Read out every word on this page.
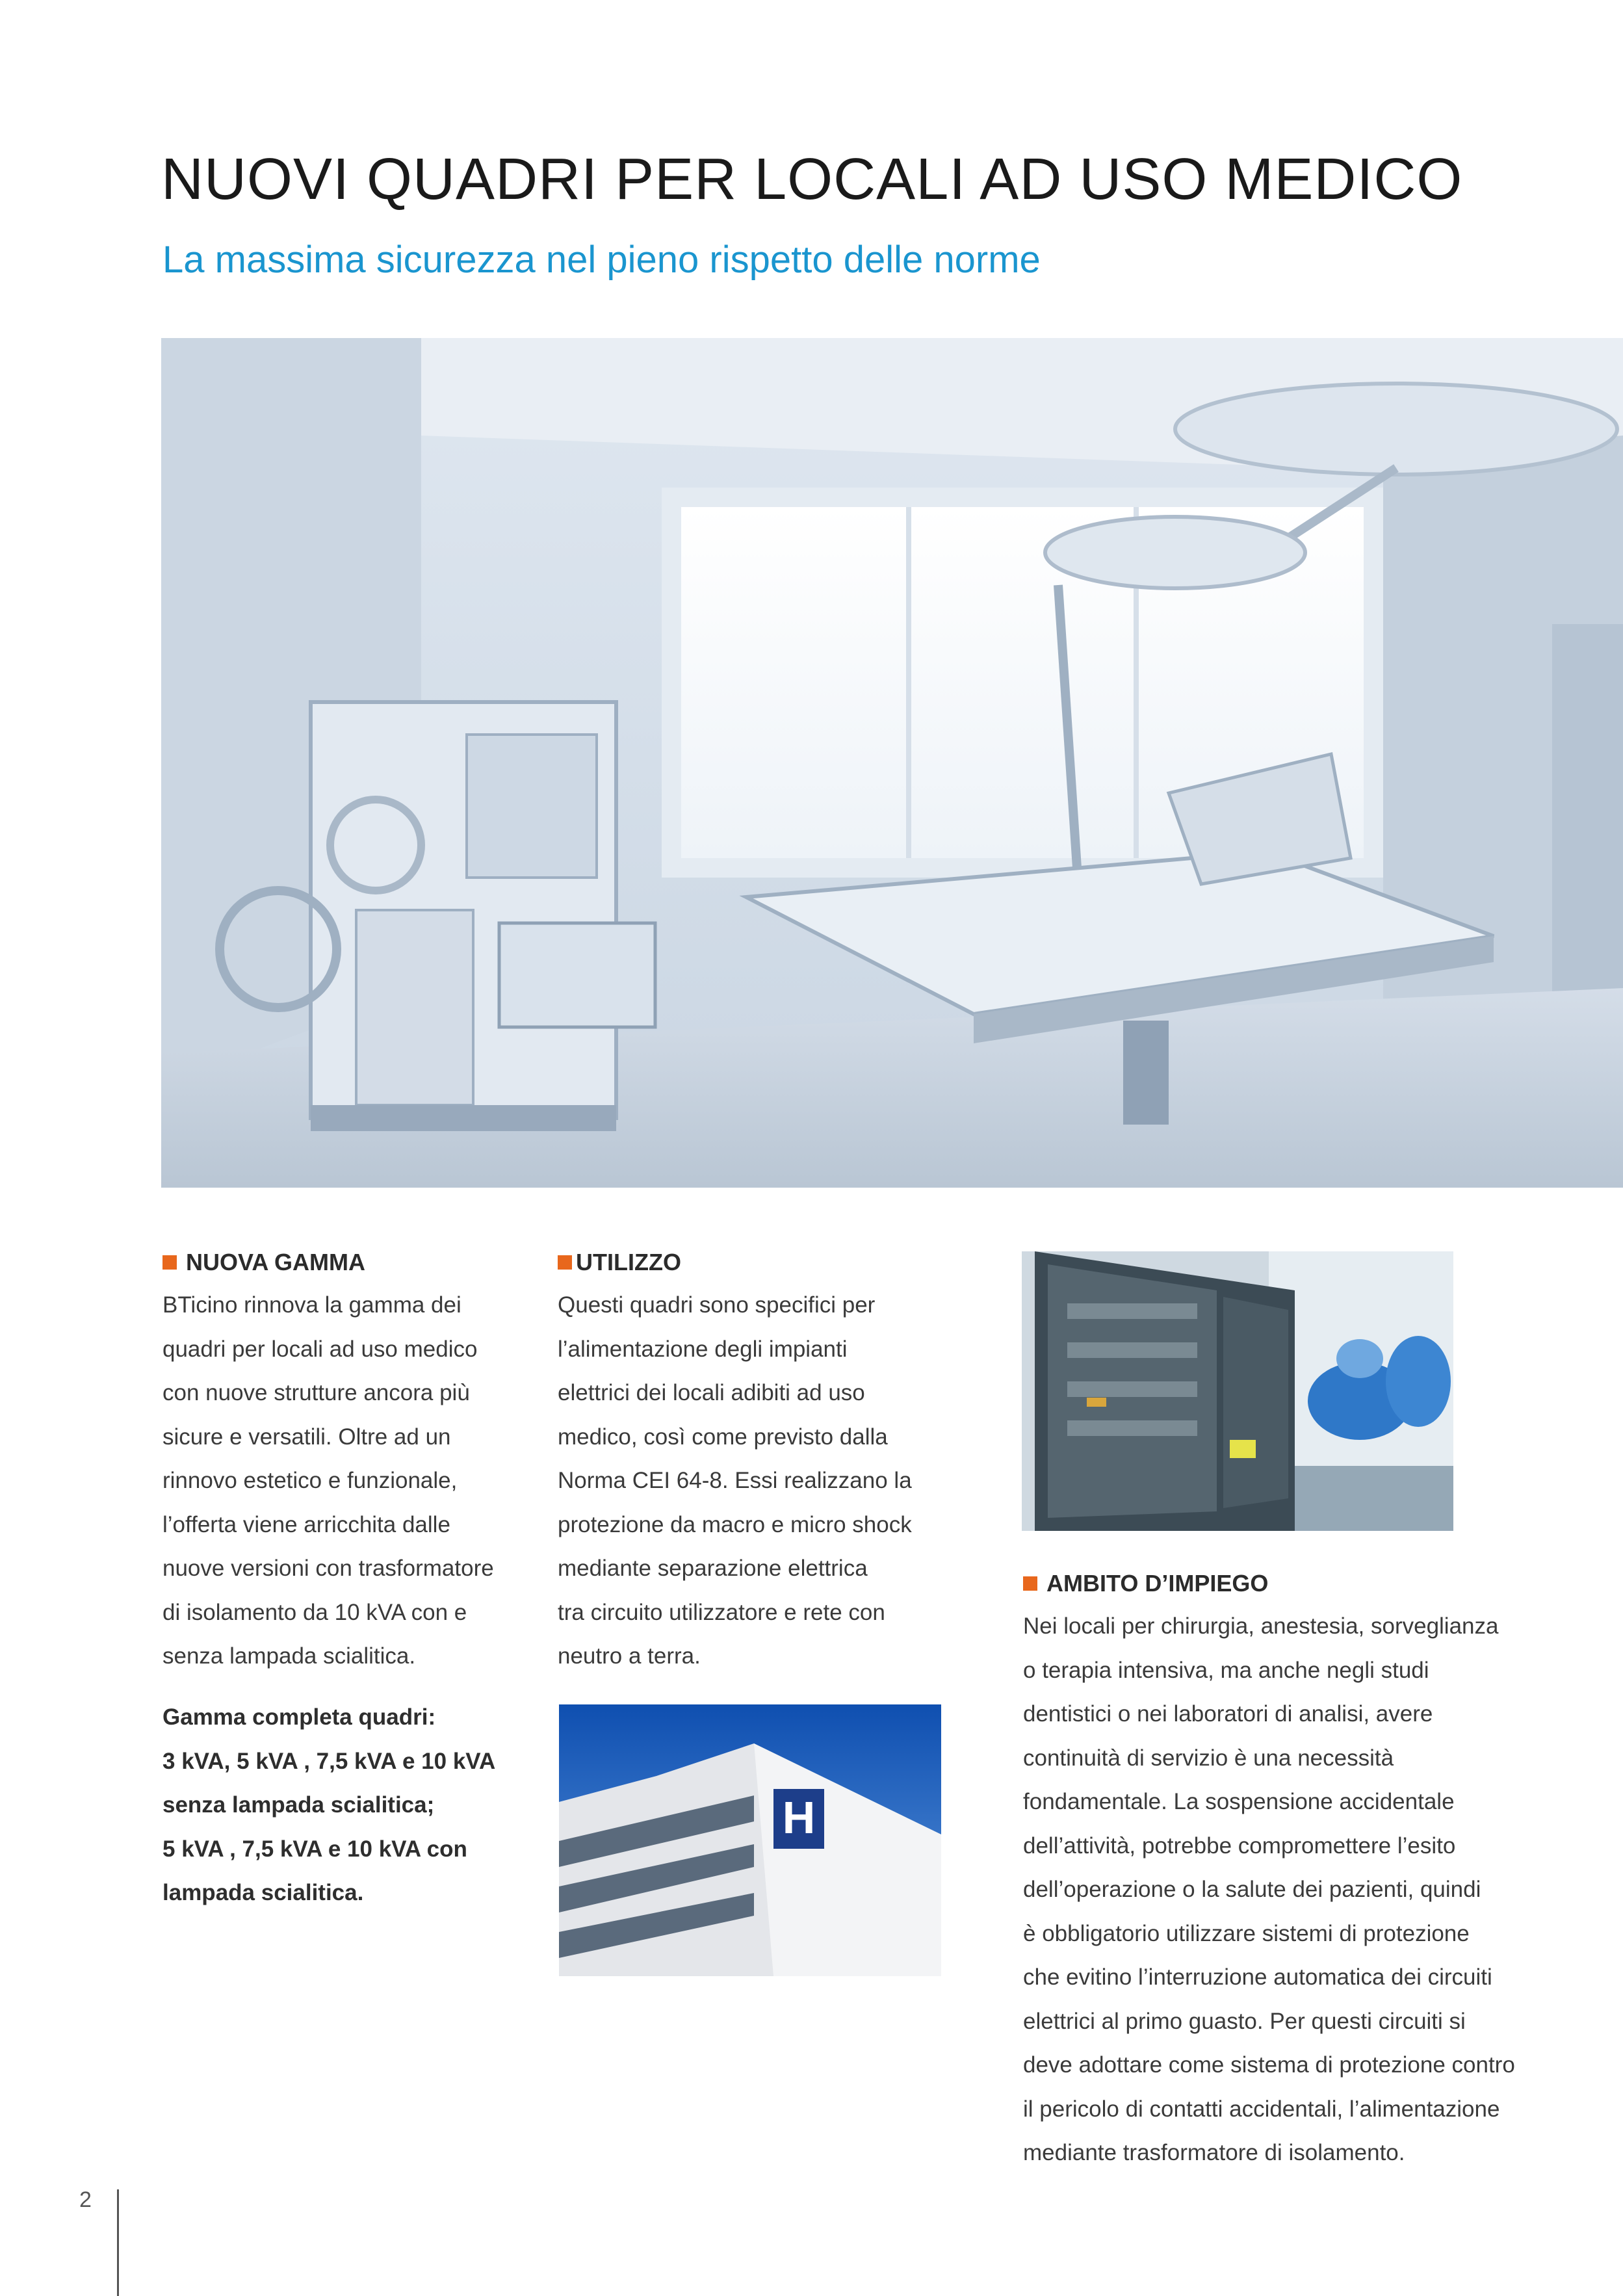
NUOVI QUADRI PER LOCALI AD USO MEDICO
La massima sicurezza nel pieno rispetto delle norme
NUOVA GAMMA
BTicino rinnova la gamma dei
quadri per locali ad uso medico
con nuove strutture ancora più
sicure e versatili. Oltre ad un
rinnovo estetico e funzionale,
l’offerta viene arricchita dalle
nuove versioni con trasformatore
di isolamento da 10 kVA con e
senza lampada scialitica.
Gamma completa quadri:
3 kVA, 5 kVA , 7,5 kVA e 10 kVA
senza lampada scialitica;
5 kVA , 7,5 kVA e 10 kVA con
lampada scialitica.
UTILIZZO
Questi quadri sono specifici per
l’alimentazione degli impianti
elettrici dei locali adibiti ad uso
medico, così come previsto dalla
Norma CEI 64-8. Essi realizzano la
protezione da macro e micro shock
mediante separazione elettrica
tra circuito utilizzatore e rete con
neutro a terra.
H
AMBITO D’IMPIEGO
Nei locali per chirurgia, anestesia, sorveglianza
o terapia intensiva, ma anche negli studi
dentistici o nei laboratori di analisi, avere
continuità di servizio è una necessità
fondamentale. La sospensione accidentale
dell’attività, potrebbe compromettere l’esito
dell’operazione o la salute dei pazienti, quindi
è obbligatorio utilizzare sistemi di protezione
che evitino l’interruzione automatica dei circuiti
elettrici al primo guasto. Per questi circuiti si
deve adottare come sistema di protezione contro
il pericolo di contatti accidentali, l’alimentazione
mediante trasformatore di isolamento.
2
